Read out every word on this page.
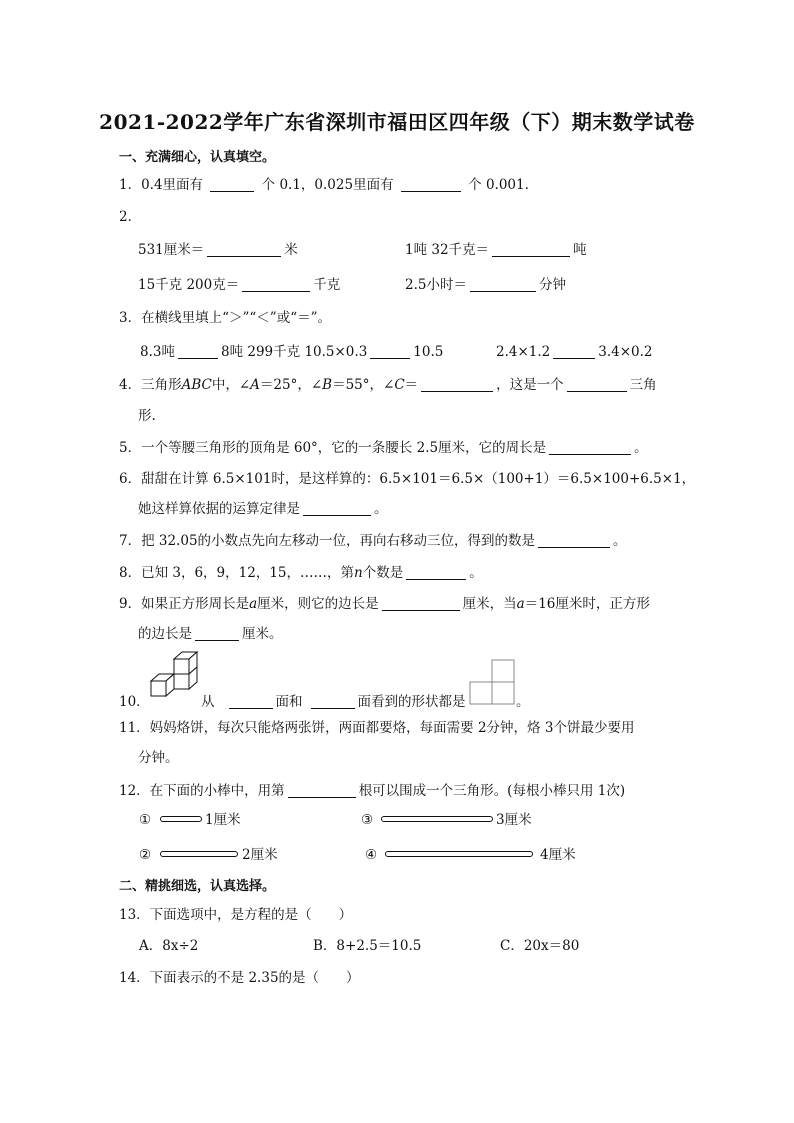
2021-2022学年广东省深圳市福田区四年级（下）期末数学试卷
一、充满细心，认真填空。
1．0.4里面有	个 0.1，0.025里面有	个 0.001.
2．
531厘米＝	米	1吨 32千克＝	吨
15千克 200克＝	千克	2.5小时＝	分钟
3．在横线里填上“＞”“＜”或“＝”。
8.3吨	8吨 299千克 10.5×0.3	10.5	2.4×1.2	3.4×0.2
4．三角形ABC中，∠A＝25°，∠B＝55°，∠C＝	，这是一个	三角
形.
5．一个等腰三角形的顶角是 60°，它的一条腰长 2.5厘米，它的周长是	。
6．甜甜在计算 6.5×101时，是这样算的：6.5×101＝6.5×（100+1）＝6.5×100+6.5×1，
她这样算依据的运算定律是	。
7．把 32.05的小数点先向左移动一位，再向右移动三位，得到的数是	。
8．已知 3，6，9，12，15，……，第n个数是	。
9．如果正方形周长是a厘米，则它的边长是	厘米，当a＝16厘米时，正方形
的边长是	厘米。
10．	从	面和	面看到的形状都是	。
11．妈妈烙饼，每次只能烙两张饼，两面都要烙，每面需要 2分钟，烙 3个饼最少要用
分钟。
12．在下面的小棒中，用第	根可以围成一个三角形。(每根小棒只用 1次)
①	1厘米	③	3厘米
②	2厘米	④	4厘米
二、精挑细选，认真选择。
13．下面选项中，是方程的是（　　）
A．8x÷2	B．8+2.5＝10.5	C．20x＝80
14．下面表示的不是 2.35的是（　　）
